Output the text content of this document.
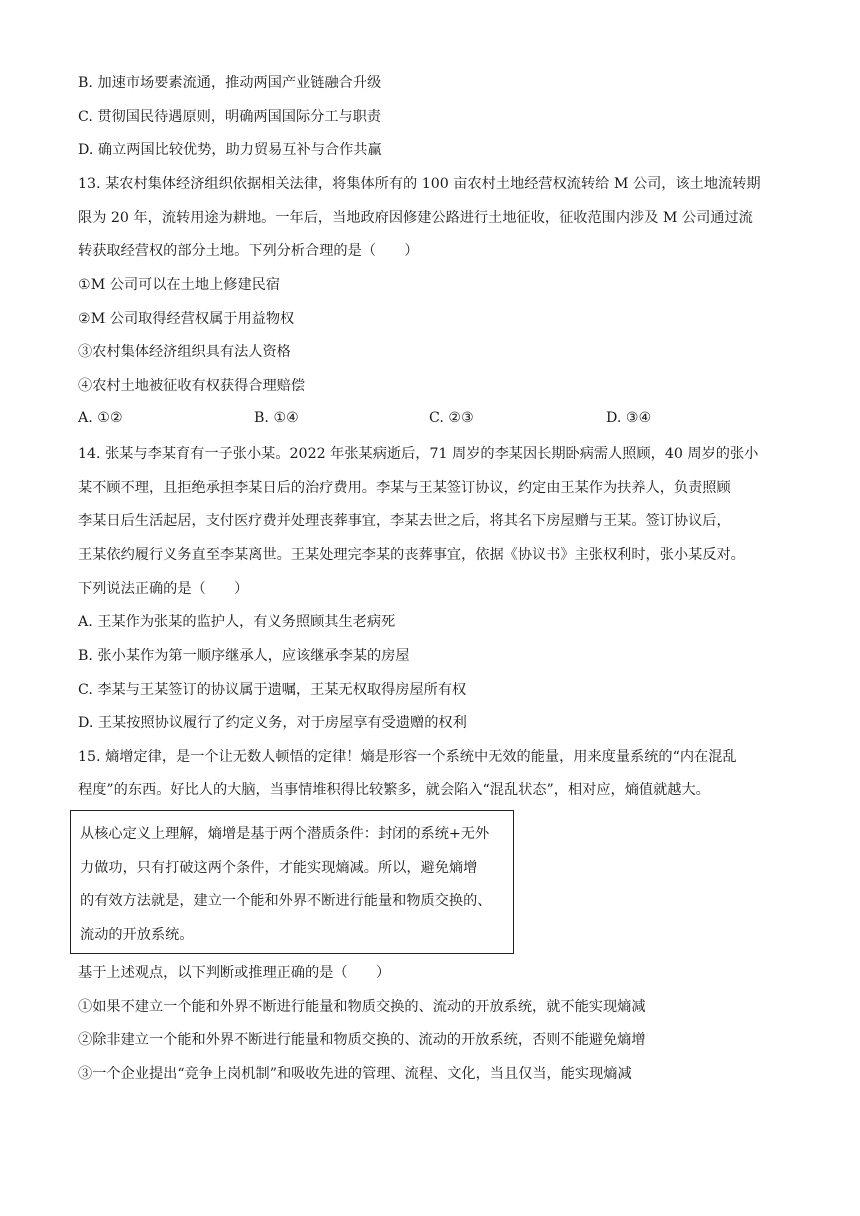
B. 加速市场要素流通，推动两国产业链融合升级
C. 贯彻国民待遇原则，明确两国国际分工与职责
D. 确立两国比较优势，助力贸易互补与合作共赢
13. 某农村集体经济组织依据相关法律，将集体所有的 100 亩农村土地经营权流转给 M 公司，该土地流转期
限为 20 年，流转用途为耕地。一年后，当地政府因修建公路进行土地征收，征收范围内涉及 M 公司通过流
转获取经营权的部分土地。下列分析合理的是（　　）
①M 公司可以在土地上修建民宿
②M 公司取得经营权属于用益物权
③农村集体经济组织具有法人资格
④农村土地被征收有权获得合理赔偿
A. ①②	B. ①④	C. ②③	D. ③④
14. 张某与李某育有一子张小某。2022 年张某病逝后，71 周岁的李某因长期卧病需人照顾，40 周岁的张小
某不顾不理，且拒绝承担李某日后的治疗费用。李某与王某签订协议，约定由王某作为扶养人，负责照顾
李某日后生活起居，支付医疗费并处理丧葬事宜，李某去世之后，将其名下房屋赠与王某。签订协议后，
王某依约履行义务直至李某离世。王某处理完李某的丧葬事宜，依据《协议书》主张权利时，张小某反对。
下列说法正确的是（　　）
A. 王某作为张某的监护人，有义务照顾其生老病死
B. 张小某作为第一顺序继承人，应该继承李某的房屋
C. 李某与王某签订的协议属于遗嘱，王某无权取得房屋所有权
D. 王某按照协议履行了约定义务，对于房屋享有受遗赠的权利
15. 熵增定律，是一个让无数人顿悟的定律！熵是形容一个系统中无效的能量，用来度量系统的“内在混乱
程度”的东西。好比人的大脑，当事情堆积得比较繁多，就会陷入“混乱状态”，相对应，熵值就越大。
从核心定义上理解，熵增是基于两个潜质条件：封闭的系统+无外
力做功，只有打破这两个条件，才能实现熵减。所以，避免熵增
的有效方法就是，建立一个能和外界不断进行能量和物质交换的、
流动的开放系统。
基于上述观点，以下判断或推理正确的是（　　）
①如果不建立一个能和外界不断进行能量和物质交换的、流动的开放系统，就不能实现熵减
②除非建立一个能和外界不断进行能量和物质交换的、流动的开放系统，否则不能避免熵增
③一个企业提出“竞争上岗机制”和吸收先进的管理、流程、文化，当且仅当，能实现熵减
